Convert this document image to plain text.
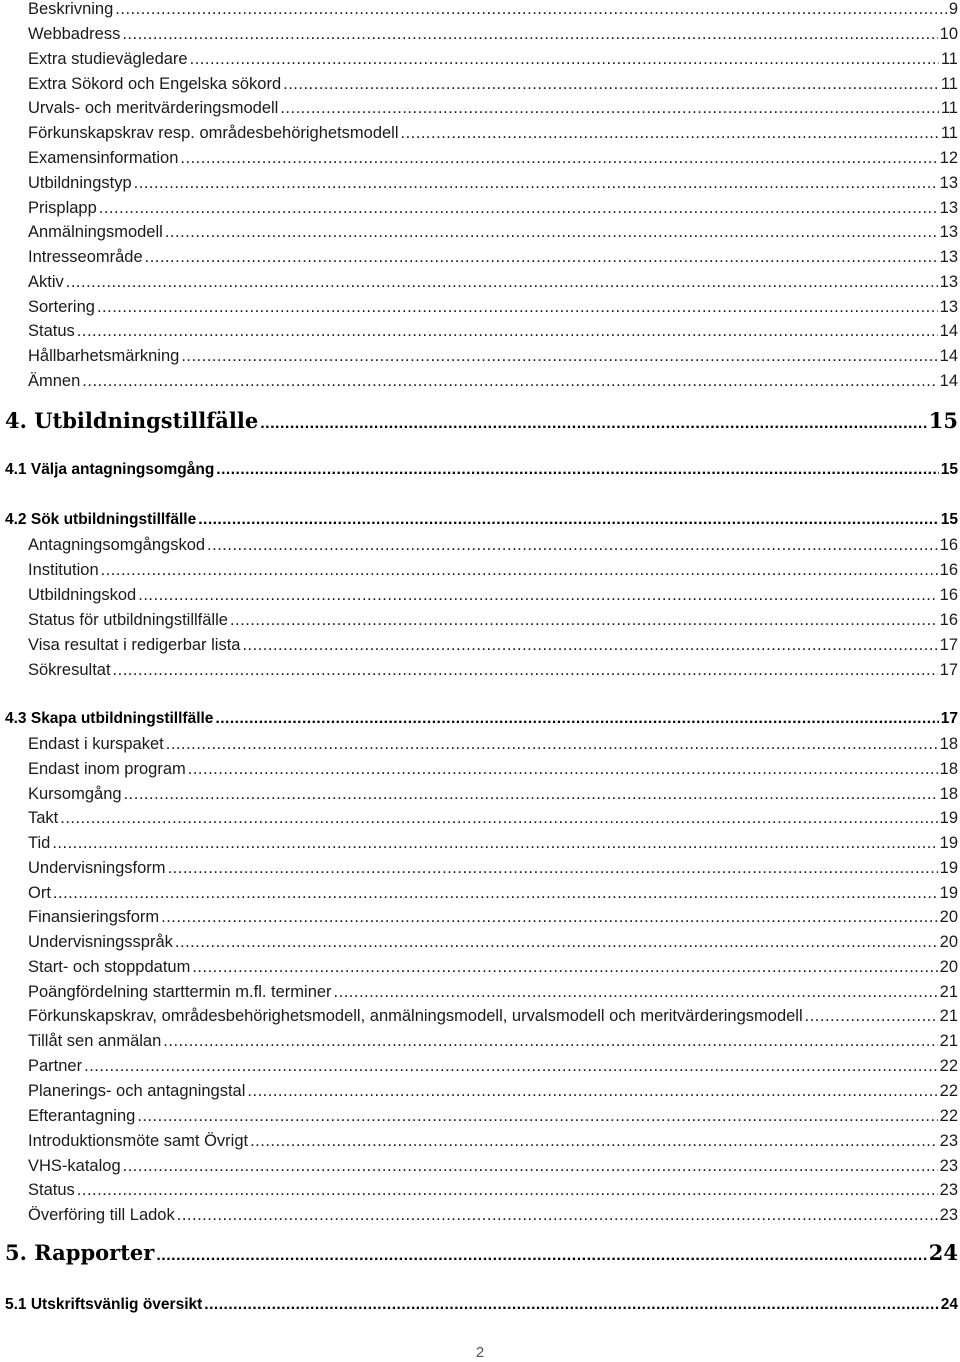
Beskrivning .....	9
Webbadress .....	10
Extra studievägledare .....	11
Extra Sökord och Engelska sökord .....	11
Urvals- och meritvärderingsmodell .....	11
Förkunskapskrav resp. områdesbehörighetsmodell .....	11
Examensinformation .....	12
Utbildningstyp .....	13
Prisplapp .....	13
Anmälningsmodell .....	13
Intresseområde .....	13
Aktiv .....	13
Sortering .....	13
Status .....	14
Hållbarhetsmärkning .....	14
Ämnen .....	14
4. Utbildningstillfälle .....	15
4.1 Välja antagningsomgång .....	15
4.2 Sök utbildningstillfälle .....	15
Antagningsomgångskod .....	16
Institution .....	16
Utbildningskod .....	16
Status för utbildningstillfälle .....	16
Visa resultat i redigerbar lista .....	17
Sökresultat .....	17
4.3 Skapa utbildningstillfälle .....	17
Endast i kurspaket .....	18
Endast inom program .....	18
Kursomgång .....	18
Takt .....	19
Tid .....	19
Undervisningsform .....	19
Ort .....	19
Finansieringsform .....	20
Undervisningsspråk .....	20
Start- och stoppdatum .....	20
Poängfördelning starttermin m.fl. terminer .....	21
Förkunskapskrav, områdesbehörighetsmodell, anmälningsmodell, urvalsmodell och meritvärderingsmodell .....	21
Tillåt sen anmälan .....	21
Partner .....	22
Planerings- och antagningstal .....	22
Efterantagning .....	22
Introduktionsmöte samt Övrigt .....	23
VHS-katalog .....	23
Status .....	23
Överföring till Ladok .....	23
5. Rapporter .....	24
5.1 Utskriftsvänlig översikt .....	24
2
